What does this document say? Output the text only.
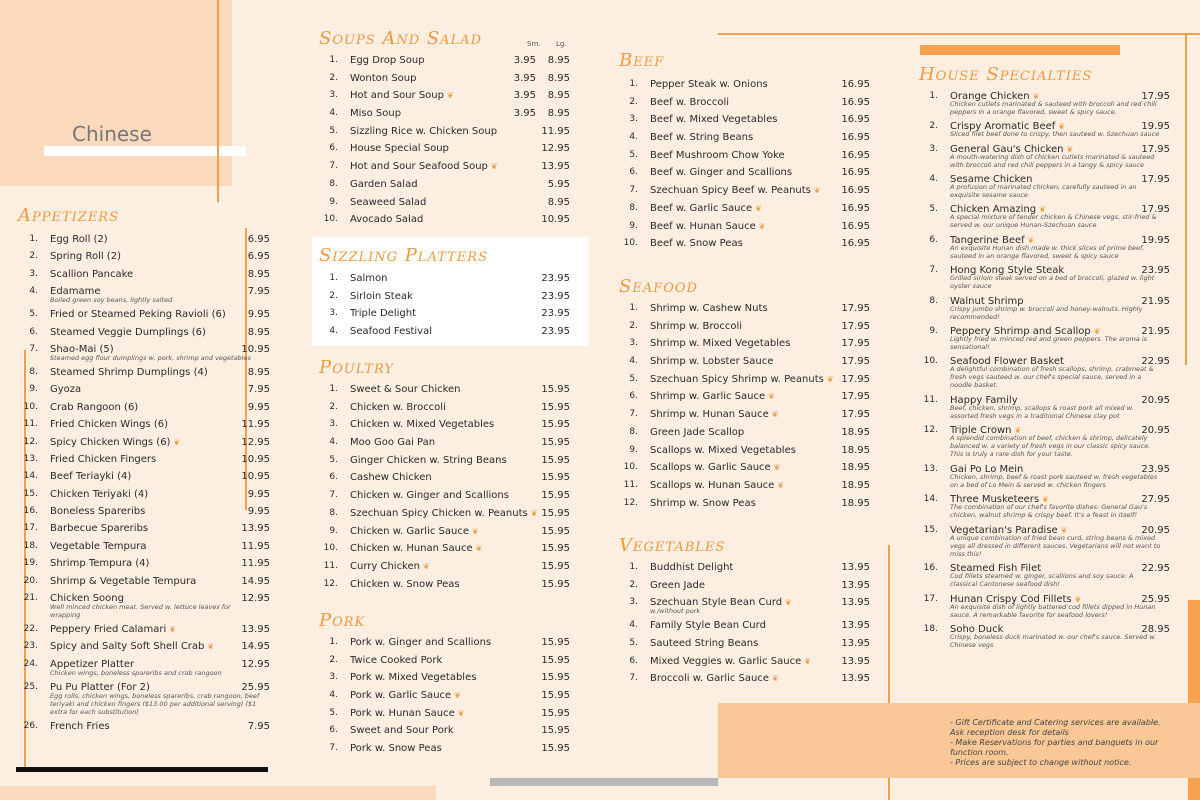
Chinese
Appetizers
Soups And Salad	Sm. Lg.
Sizzling Platters
Poultry
Pork
Beef
Seafood
Vegetables
House Specialties
1. Egg Roll (2)	6.95
2. Spring Roll (2)	6.95
3. Scallion Pancake	8.95
4. Edamame	7.95
Boiled green soy beans, lightly salted
5. Fried or Steamed Peking Ravioli (6) 9.95
6. Steamed Veggie Dumplings (6)	8.95
7. Shao-Mai (5)	10.95
Steamed egg flour dumplings w. pork, shrimp and vegetables
8. Steamed Shrimp Dumplings (4)	8.95
9. Gyoza	7.95
10. Crab Rangoon (6)	9.95
11. Fried Chicken Wings (6)	11.95
12. Spicy Chicken Wings (6) ❦	12.95
13. Fried Chicken Fingers	10.95
14. Beef Teriayki (4)	10.95
15. Chicken Teriyaki (4)	9.95
16. Boneless Spareribs	9.95
17. Barbecue Spareribs	13.95
18. Vegetable Tempura	11.95
19. Shrimp Tempura (4)	11.95
20. Shrimp & Vegetable Tempura	14.95
21. Chicken Soong	12.95
Well minced chicken meat. Served w. lettuce leaves for wrapping
22. Peppery Fried Calamari ❦	13.95
23. Spicy and Salty Soft Shell Crab ❦	14.95
24. Appetizer Platter	12.95
Chicken wings, boneless spareribs and crab rangoon
25. Pu Pu Platter (For 2)	25.95
Egg rolls, chicken wings, boneless spareribs, crab rangoon, beef teriyaki and chicken fingers ($13.00 per additional serving) ($1 extra for each substitution)
26. French Fries	7.95
1. Egg Drop Soup	3.95 8.95
2. Wonton Soup	3.95 8.95
3. Hot and Sour Soup ❦	3.95 8.95
4. Miso Soup	3.95 8.95
5. Sizzling Rice w. Chicken Soup	11.95
6. House Special Soup	12.95
7. Hot and Sour Seafood Soup ❦	13.95
8. Garden Salad	5.95
9. Seaweed Salad	8.95
10. Avocado Salad	10.95
1. Salmon	23.95
2. Sirloin Steak	23.95
3. Triple Delight	23.95
4. Seafood Festival	23.95
1. Sweet & Sour Chicken	15.95
2. Chicken w. Broccoli	15.95
3. Chicken w. Mixed Vegetables	15.95
4. Moo Goo Gai Pan	15.95
5. Ginger Chicken w. String Beans	15.95
6. Cashew Chicken	15.95
7. Chicken w. Ginger and Scallions	15.95
8. Szechuan Spicy Chicken w. Peanuts ❦ 15.95
9. Chicken w. Garlic Sauce ❦	15.95
10. Chicken w. Hunan Sauce ❦	15.95
11. Curry Chicken ❦	15.95
12. Chicken w. Snow Peas	15.95
1. Pork w. Ginger and Scallions	15.95
2. Twice Cooked Pork	15.95
3. Pork w. Mixed Vegetables	15.95
4. Pork w. Garlic Sauce ❦	15.95
5. Pork w. Hunan Sauce ❦	15.95
6. Sweet and Sour Pork	15.95
7. Pork w. Snow Peas	15.95
1. Pepper Steak w. Onions	16.95
2. Beef w. Broccoli	16.95
3. Beef w. Mixed Vegetables	16.95
4. Beef w. String Beans	16.95
5. Beef Mushroom Chow Yoke	16.95
6. Beef w. Ginger and Scallions	16.95
7. Szechuan Spicy Beef w. Peanuts ❦ 16.95
8. Beef w. Garlic Sauce ❦	16.95
9. Beef w. Hunan Sauce ❦	16.95
10. Beef w. Snow Peas	16.95
1. Shrimp w. Cashew Nuts	17.95
2. Shrimp w. Broccoli	17.95
3. Shrimp w. Mixed Vegetables	17.95
4. Shrimp w. Lobster Sauce	17.95
5. Szechuan Spicy Shrimp w. Peanuts ❦ 17.95
6. Shrimp w. Garlic Sauce ❦	17.95
7. Shrimp w. Hunan Sauce ❦	17.95
8. Green Jade Scallop	18.95
9. Scallops w. Mixed Vegetables	18.95
10. Scallops w. Garlic Sauce ❦	18.95
11. Scallops w. Hunan Sauce ❦	18.95
12. Shrimp w. Snow Peas	18.95
1. Buddhist Delight	13.95
2. Green Jade	13.95
3. Szechuan Style Bean Curd ❦	13.95
w./without pork
4. Family Style Bean Curd	13.95
5. Sauteed String Beans	13.95
6. Mixed Veggies w. Garlic Sauce ❦	13.95
7. Broccoli w. Garlic Sauce ❦	13.95
1. Orange Chicken ❦	17.95
Chicken cutlets marinated & sauteed with broccoli and red chili peppers in a orange flavored, sweet & spicy sauce.
2. Crispy Aromatic Beef ❦	19.95
Sliced filet beef done to crispy, then sauteed w. Szechuan sauce
3. General Gau's Chicken ❦	17.95
A mouth-watering dish of chicken cutlets marinated & sauteed with broccoli and red chili peppers in a tangy & spicy sauce
4. Sesame Chicken	17.95
A profusion of marinated chicken, carefully sauteed in an exquisite sesame sauce
5. Chicken Amazing ❦	17.95
A special mixture of tender chicken & Chinese vegs, stir-fried & served w. our unique Hunan-Szechuan sauce
6. Tangerine Beef ❦	19.95
An exquisite Hunan dish made w. thick slices of prime beef, sauteed in an orange flavored, sweet & spicy sauce
7. Hong Kong Style Steak	23.95
Grilled sirloin steak served on a bed of broccoli, glazed w. light oyster sauce
8. Walnut Shrimp	21.95
Crispy jumbo shrimp w. broccoli and honey-walnuts. Highly recommended!
9. Peppery Shrimp and Scallop ❦	21.95
Lightly fried w. minced red and green peppers. The aroma is sensational!
10. Seafood Flower Basket	22.95
A delightful combination of fresh scallops, shrimp, crabmeat & fresh vegs sauteed w. our chef's special sauce, served in a noodle basket.
11. Happy Family	20.95
Beef, chicken, shrimp, scallops & roast pork all mixed w. assorted fresh vegs in a traditional Chinese clay pot
12. Triple Crown ❦	20.95
A splendid combination of beef, chicken & shrimp, delicately balanced w. a variety of fresh vegs in our classic spicy sauce. This is truly a rare dish for your taste.
13. Gai Po Lo Mein	23.95
Chicken, shrimp, beef & roast pork sauteed w. fresh vegetables on a bed of Lo Mein & served w. chicken fingers
14. Three Musketeers ❦	27.95
The combination of our chef's favorite dishes: General Gau's chicken, walnut shrimp & crispy beef. It's a feast in itself!
15. Vegetarian's Paradise ❦	20.95
A unique combination of fried bean curd, string beans & mixed vegs all dressed in different sauces. Vegetarians will not want to miss this!
16. Steamed Fish Filet	22.95
Cod fillets steamed w. ginger, scallions and soy sauce. A classical Cantonese seafood dish!
17. Hunan Crispy Cod Fillets ❦	25.95
An exquisite dish of lightly battered cod fillets dipped in Hunan sauce. A remarkable favorite for seafood lovers!
18. Soho Duck	28.95
Crispy, boneless duck marinated w. our chef's sauce. Served w. Chinese vegs
- Gift Certificate and Catering services are available.
Ask reception desk for details
- Make Reservations for parties and banquets in our
function room.
- Prices are subject to change without notice.
